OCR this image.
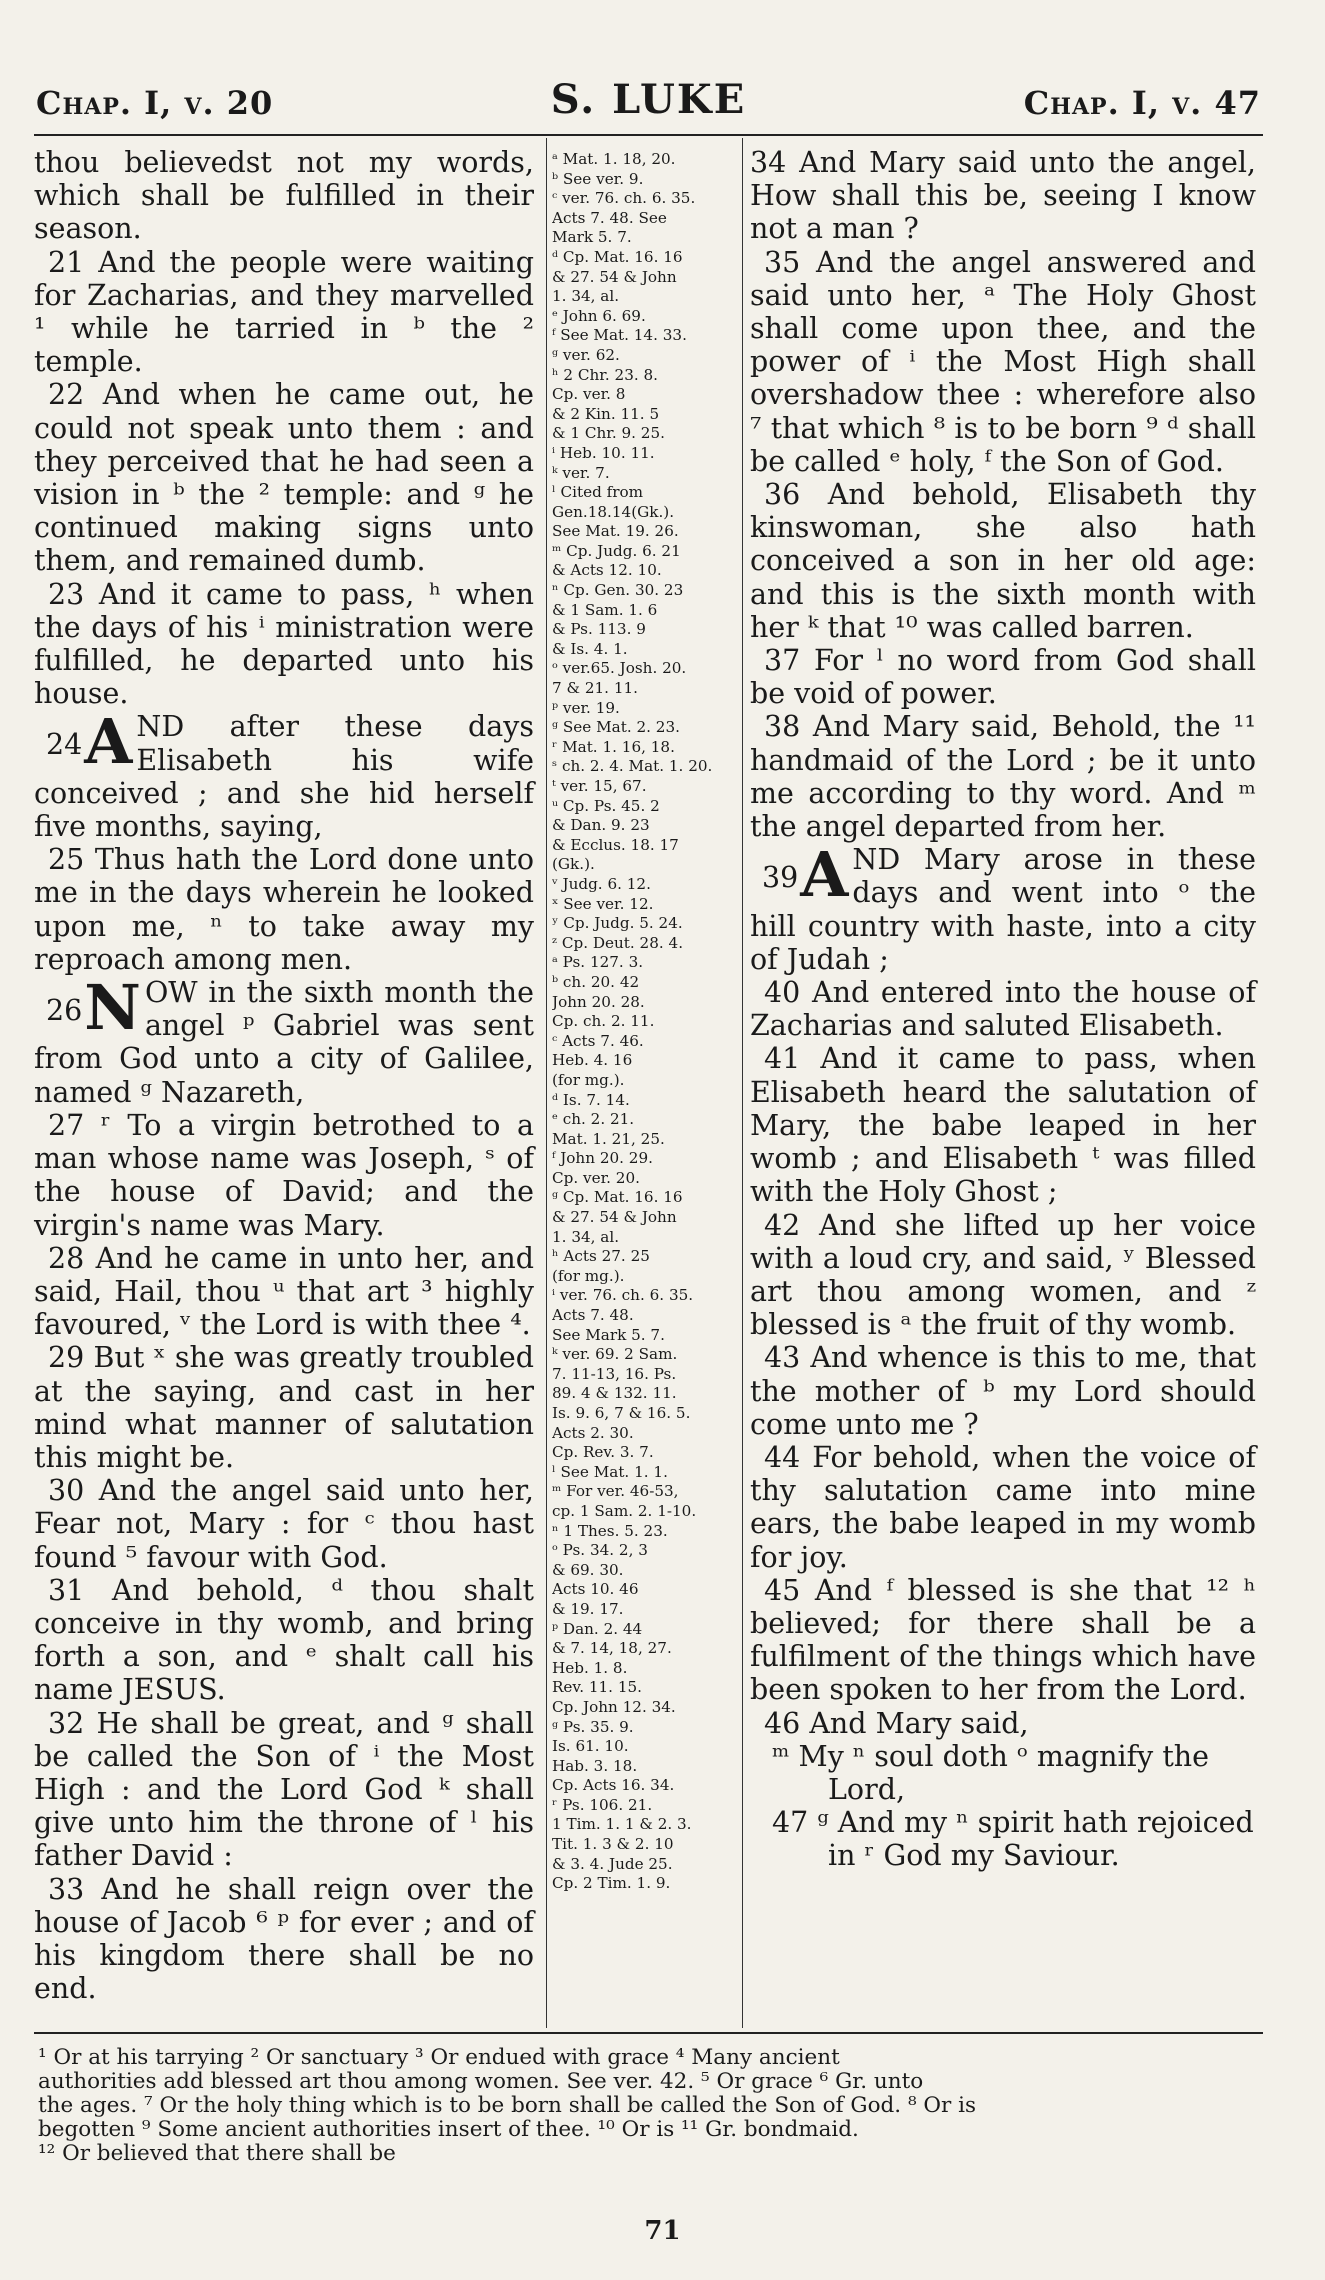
Chap. I, v. 20	S. LUKE	Chap. I, v. 47

thou believedst not my words, which shall be fulfilled in their season.

21 And the people were waiting for Zacharias, and they marvelled ¹ while he tarried in ᵇ the ² temple.

22 And when he came out, he could not speak unto them : and they perceived that he had seen a vision in ᵇ the ² temple: and ᵍ he continued making signs unto them, and remained dumb.

23 And it came to pass, ʰ when the days of his ⁱ ministration were fulfilled, he departed unto his house.

24 A ND after these days Elisabeth his wife conceived ; and she hid herself five months, saying,

25 Thus hath the Lord done unto me in the days wherein he looked upon me, ⁿ to take away my reproach among men.

26 N OW in the sixth month the angel ᵖ Gabriel was sent from God unto a city of Galilee, named ᵍ Nazareth,

27 ʳ To a virgin betrothed to a man whose name was Joseph, ˢ of the house of David; and the virgin's name was Mary.

28 And he came in unto her, and said, Hail, thou ᵘ that art ³ highly favoured, ᵛ the Lord is with thee ⁴.

29 But ˣ she was greatly troubled at the saying, and cast in her mind what manner of salutation this might be.

30 And the angel said unto her, Fear not, Mary : for ᶜ thou hast found ⁵ favour with God.

31 And behold, ᵈ thou shalt conceive in thy womb, and bring forth a son, and ᵉ shalt call his name JESUS.

32 He shall be great, and ᵍ shall be called the Son of ⁱ the Most High : and the Lord God ᵏ shall give unto him the throne of ˡ his father David :

33 And he shall reign over the house of Jacob ⁶ ᵖ for ever ; and of his kingdom there shall be no end.

ᵃ Mat. 1. 18, 20.

ᵇ See ver. 9.

ᶜ ver. 76. ch. 6. 35.

Acts 7. 48. See

Mark 5. 7.

ᵈ Cp. Mat. 16. 16

& 27. 54 & John

1. 34, al.

ᵉ John 6. 69.

ᶠ See Mat. 14. 33.

ᵍ ver. 62.

ʰ 2 Chr. 23. 8.

Cp. ver. 8

& 2 Kin. 11. 5

& 1 Chr. 9. 25.

ⁱ Heb. 10. 11.

ᵏ ver. 7.

ˡ Cited from

Gen.18.14(Gk.).

See Mat. 19. 26.

ᵐ Cp. Judg. 6. 21

& Acts 12. 10.

ⁿ Cp. Gen. 30. 23

& 1 Sam. 1. 6

& Ps. 113. 9

& Is. 4. 1.

ᵒ ver.65. Josh. 20.

7 & 21. 11.

ᵖ ver. 19.

ᵍ See Mat. 2. 23.

ʳ Mat. 1. 16, 18.

ˢ ch. 2. 4. Mat. 1. 20.

ᵗ ver. 15, 67.

ᵘ Cp. Ps. 45. 2

& Dan. 9. 23

& Ecclus. 18. 17

(Gk.).

ᵛ Judg. 6. 12.

ˣ See ver. 12.

ʸ Cp. Judg. 5. 24.

ᶻ Cp. Deut. 28. 4.

ᵃ Ps. 127. 3.

ᵇ ch. 20. 42

John 20. 28.

Cp. ch. 2. 11.

ᶜ Acts 7. 46.

Heb. 4. 16

(for mg.).

ᵈ Is. 7. 14.

ᵉ ch. 2. 21.

Mat. 1. 21, 25.

ᶠ John 20. 29.

Cp. ver. 20.

ᵍ Cp. Mat. 16. 16

& 27. 54 & John

1. 34, al.

ʰ Acts 27. 25

(for mg.).

ⁱ ver. 76. ch. 6. 35.

Acts 7. 48.

See Mark 5. 7.

ᵏ ver. 69. 2 Sam.

7. 11-13, 16. Ps.

89. 4 & 132. 11.

Is. 9. 6, 7 & 16. 5.

Acts 2. 30.

Cp. Rev. 3. 7.

ˡ See Mat. 1. 1.

ᵐ For ver. 46-53,

cp. 1 Sam. 2. 1-10.

ⁿ 1 Thes. 5. 23.

ᵒ Ps. 34. 2, 3

& 69. 30.

Acts 10. 46

& 19. 17.

ᵖ Dan. 2. 44

& 7. 14, 18, 27.

Heb. 1. 8.

Rev. 11. 15.

Cp. John 12. 34.

ᵍ Ps. 35. 9.

Is. 61. 10.

Hab. 3. 18.

Cp. Acts 16. 34.

ʳ Ps. 106. 21.

1 Tim. 1. 1 & 2. 3.

Tit. 1. 3 & 2. 10

& 3. 4. Jude 25.

Cp. 2 Tim. 1. 9.

34 And Mary said unto the angel, How shall this be, seeing I know not a man ?

35 And the angel answered and said unto her, ᵃ The Holy Ghost shall come upon thee, and the power of ⁱ the Most High shall overshadow thee : wherefore also ⁷ that which ⁸ is to be born ⁹ ᵈ shall be called ᵉ holy, ᶠ the Son of God.

36 And behold, Elisabeth thy kinswoman, she also hath conceived a son in her old age: and this is the sixth month with her ᵏ that ¹⁰ was called barren.

37 For ˡ no word from God shall be void of power.

38 And Mary said, Behold, the ¹¹ handmaid of the Lord ; be it unto me according to thy word. And ᵐ the angel departed from her.

39 A ND Mary arose in these days and went into ᵒ the hill country with haste, into a city of Judah ;

40 And entered into the house of Zacharias and saluted Elisabeth.

41 And it came to pass, when Elisabeth heard the salutation of Mary, the babe leaped in her womb ; and Elisabeth ᵗ was filled with the Holy Ghost ;

42 And she lifted up her voice with a loud cry, and said, ʸ Blessed art thou among women, and ᶻ blessed is ᵃ the fruit of thy womb.

43 And whence is this to me, that the mother of ᵇ my Lord should come unto me ?

44 For behold, when the voice of thy salutation came into mine ears, the babe leaped in my womb for joy.

45 And ᶠ blessed is she that ¹² ʰ believed; for there shall be a fulfilment of the things which have been spoken to her from the Lord.

46 And Mary said,

ᵐ My ⁿ soul doth ᵒ magnify the Lord,

47 ᵍ And my ⁿ spirit hath rejoiced in ʳ God my Saviour.

¹ Or at his tarrying ² Or sanctuary ³ Or endued with grace ⁴ Many ancient

authorities add blessed art thou among women. See ver. 42. ⁵ Or grace ⁶ Gr. unto

the ages. ⁷ Or the holy thing which is to be born shall be called the Son of God. ⁸ Or is

begotten ⁹ Some ancient authorities insert of thee. ¹⁰ Or is ¹¹ Gr. bondmaid.

¹² Or believed that there shall be

71
